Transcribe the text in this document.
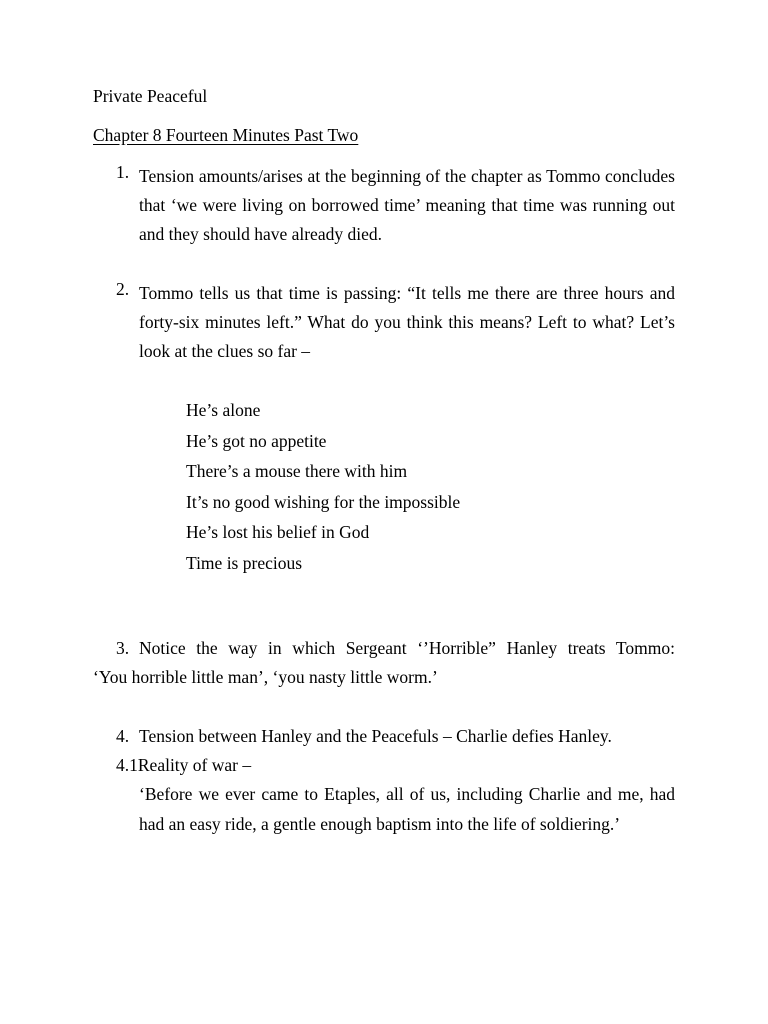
Private Peaceful
Chapter 8 Fourteen Minutes Past Two
1. Tension amounts/arises at the beginning of the chapter as Tommo concludes that ‘we were living on borrowed time’ meaning that time was running out and they should have already died.
2. Tommo tells us that time is passing: “It tells me there are three hours and forty-six minutes left.” What do you think this means? Left to what? Let’s look at the clues so far –
He’s alone
He’s got no appetite
There’s a mouse there with him
It’s no good wishing for the impossible
He’s lost his belief in God
Time is precious
3. Notice the way in which Sergeant ‘’Horrible” Hanley treats Tommo:
‘You horrible little man’, ‘you nasty little worm.’
4. Tension between Hanley and the Peacefuls – Charlie defies Hanley.
4.1Reality of war –
‘Before we ever came to Etaples, all of us, including Charlie and me, had had an easy ride, a gentle enough baptism into the life of soldiering.’
